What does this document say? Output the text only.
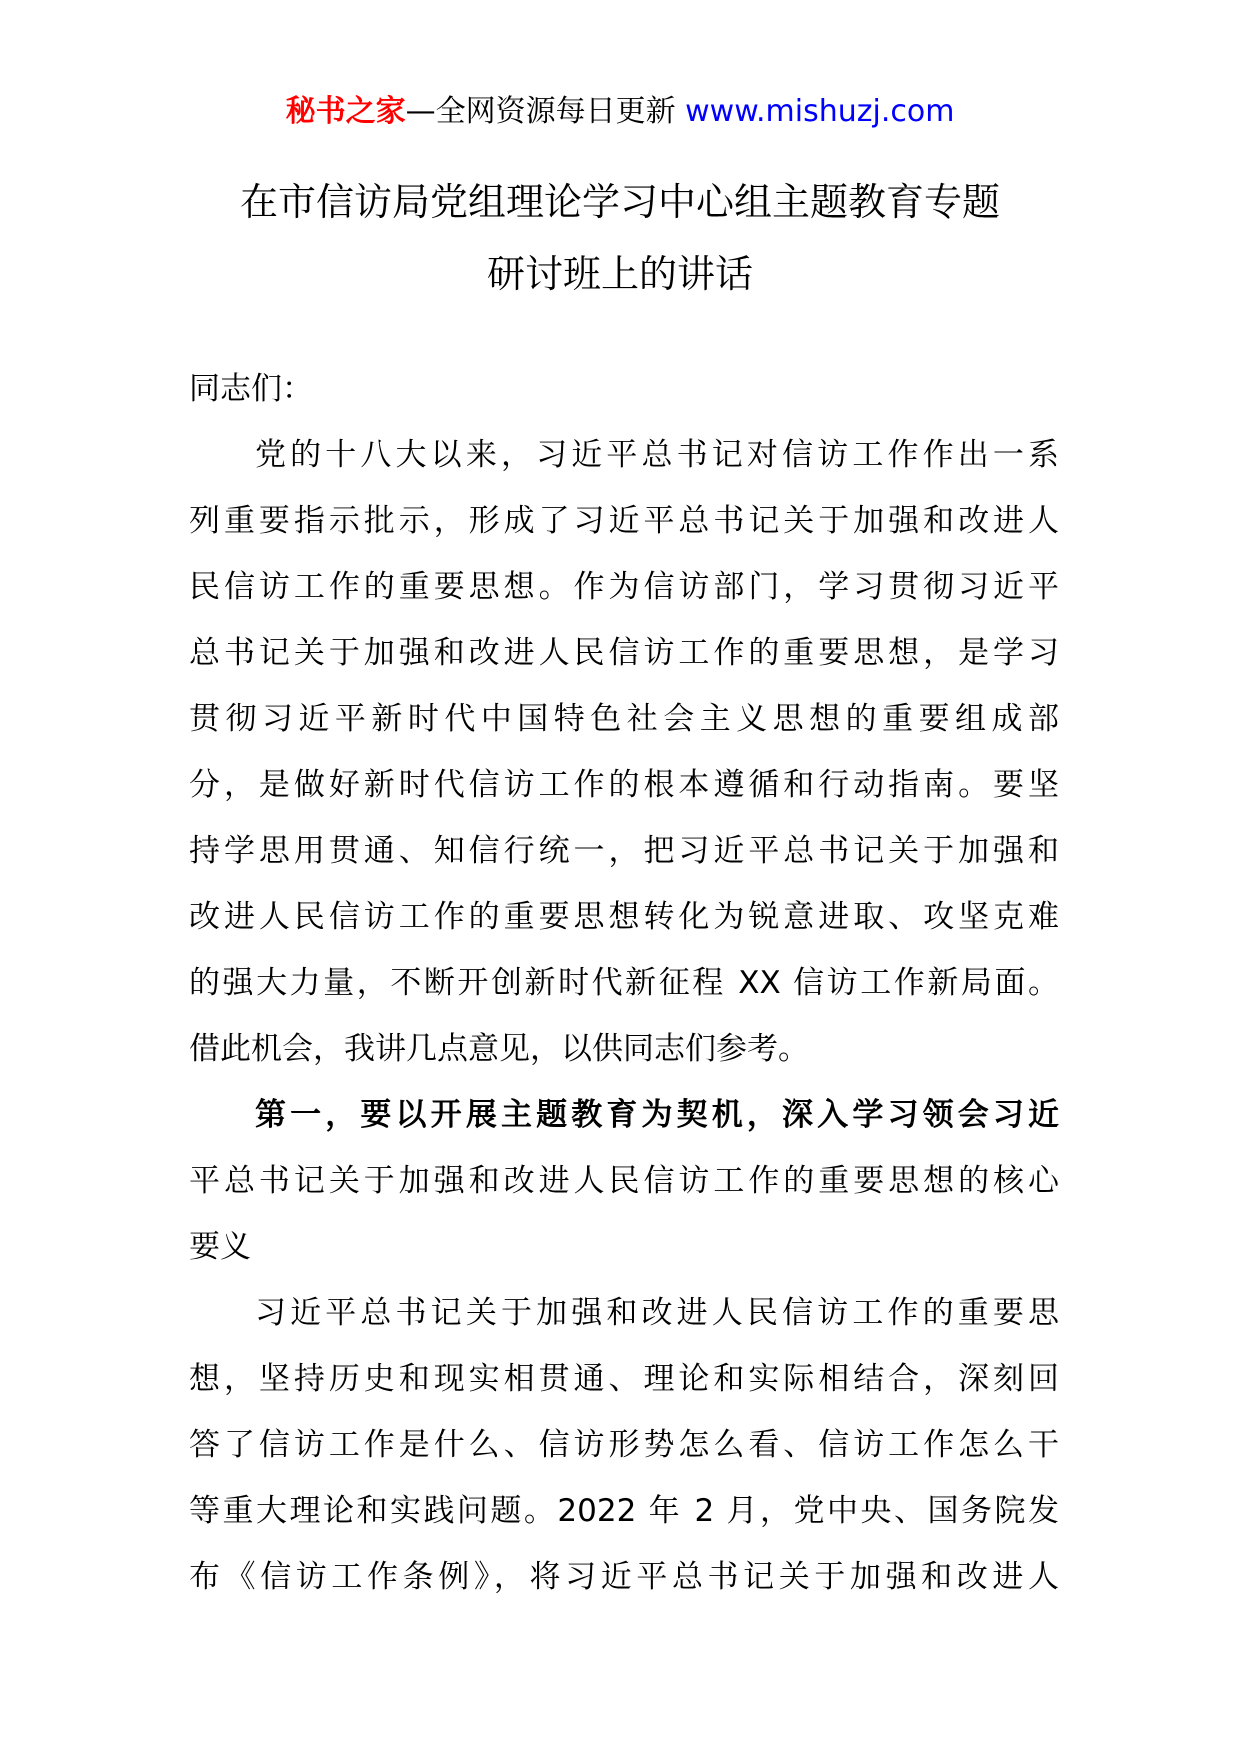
秘书之家—全网资源每日更新 www.mishuzj.com
在市信访局党组理论学习中心组主题教育专题
研讨班上的讲话
同志们：
党的十八大以来，习近平总书记对信访工作作出一系
列重要指示批示，形成了习近平总书记关于加强和改进人
民信访工作的重要思想。作为信访部门，学习贯彻习近平
总书记关于加强和改进人民信访工作的重要思想，是学习
贯彻习近平新时代中国特色社会主义思想的重要组成部
分，是做好新时代信访工作的根本遵循和行动指南。要坚
持学思用贯通、知信行统一，把习近平总书记关于加强和
改进人民信访工作的重要思想转化为锐意进取、攻坚克难
的强大力量，不断开创新时代新征程 XX 信访工作新局面。
借此机会，我讲几点意见，以供同志们参考。
第一，要以开展主题教育为契机，深入学习领会习近
平总书记关于加强和改进人民信访工作的重要思想的核心
要义
习近平总书记关于加强和改进人民信访工作的重要思
想，坚持历史和现实相贯通、理论和实际相结合，深刻回
答了信访工作是什么、信访形势怎么看、信访工作怎么干
等重大理论和实践问题。2022 年 2 月，党中央、国务院发
布《信访工作条例》，将习近平总书记关于加强和改进人
